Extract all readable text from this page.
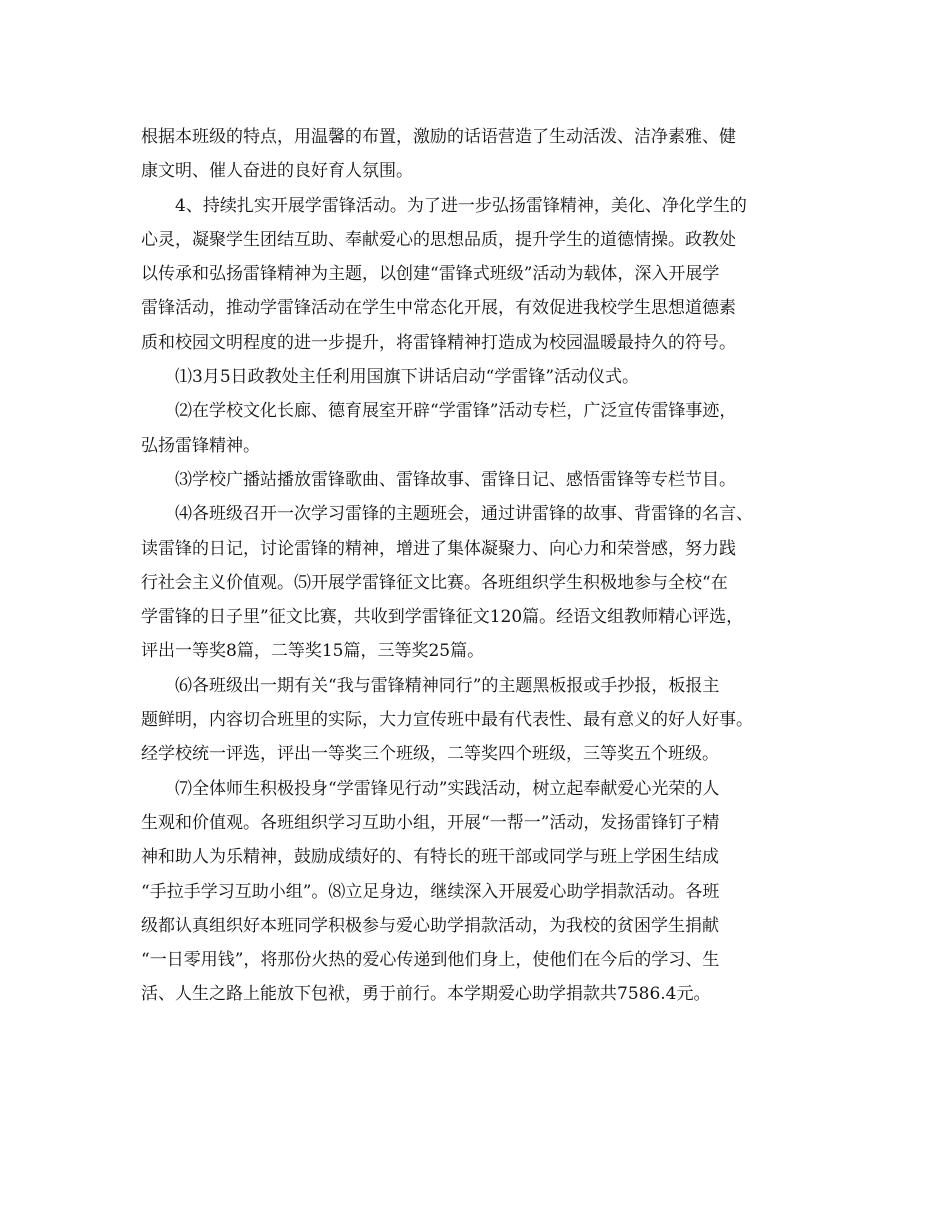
根据本班级的特点，用温馨的布置，激励的话语营造了生动活泼、洁净素雅、健
康文明、催人奋进的良好育人氛围。
4、持续扎实开展学雷锋活动。为了进一步弘扬雷锋精神，美化、净化学生的
心灵，凝聚学生团结互助、奉献爱心的思想品质，提升学生的道德情操。政教处
以传承和弘扬雷锋精神为主题，以创建“雷锋式班级”活动为载体，深入开展学
雷锋活动，推动学雷锋活动在学生中常态化开展，有效促进我校学生思想道德素
质和校园文明程度的进一步提升，将雷锋精神打造成为校园温暖最持久的符号。
⑴3月5日政教处主任利用国旗下讲话启动“学雷锋”活动仪式。
⑵在学校文化长廊、德育展室开辟“学雷锋”活动专栏，广泛宣传雷锋事迹，
弘扬雷锋精神。
⑶学校广播站播放雷锋歌曲、雷锋故事、雷锋日记、感悟雷锋等专栏节目。
⑷各班级召开一次学习雷锋的主题班会，通过讲雷锋的故事、背雷锋的名言、
读雷锋的日记，讨论雷锋的精神，增进了集体凝聚力、向心力和荣誉感，努力践
行社会主义价值观。⑸开展学雷锋征文比赛。各班组织学生积极地参与全校“在
学雷锋的日子里”征文比赛，共收到学雷锋征文120篇。经语文组教师精心评选，
评出一等奖8篇，二等奖15篇，三等奖25篇。
⑹各班级出一期有关“我与雷锋精神同行”的主题黑板报或手抄报，板报主
题鲜明，内容切合班里的实际，大力宣传班中最有代表性、最有意义的好人好事。
经学校统一评选，评出一等奖三个班级，二等奖四个班级，三等奖五个班级。
⑺全体师生积极投身“学雷锋见行动”实践活动，树立起奉献爱心光荣的人
生观和价值观。各班组织学习互助小组，开展“一帮一”活动，发扬雷锋钉子精
神和助人为乐精神，鼓励成绩好的、有特长的班干部或同学与班上学困生结成
“手拉手学习互助小组”。⑻立足身边，继续深入开展爱心助学捐款活动。各班
级都认真组织好本班同学积极参与爱心助学捐款活动，为我校的贫困学生捐献
“一日零用钱”，将那份火热的爱心传递到他们身上，使他们在今后的学习、生
活、人生之路上能放下包袱，勇于前行。本学期爱心助学捐款共7586.4元。
